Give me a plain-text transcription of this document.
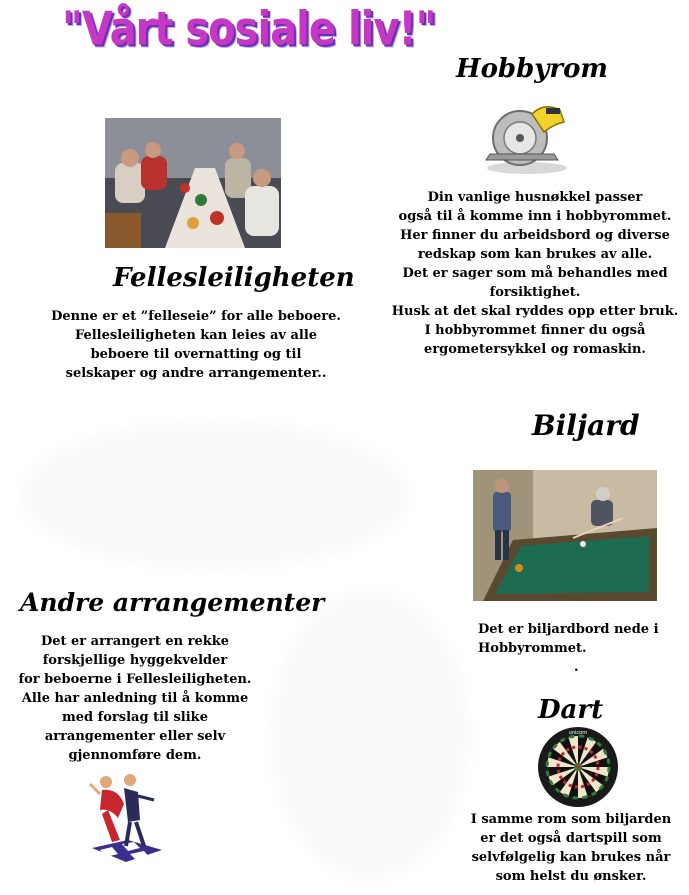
"Vårt sosiale liv!"
Hobbyrom
Din vanlige husnøkkel passer
også til å komme inn i hobbyrommet.
Her finner du arbeidsbord og diverse
redskap som kan brukes av alle.
Det er sager som må behandles med
forsiktighet.
Husk at det skal ryddes opp etter bruk.
I hobbyrommet finner du også
ergometersykkel og romaskin.
Fellesleiligheten
Denne er et ”felleseie” for alle beboere.
Fellesleiligheten kan leies av alle
beboere til overnatting og til
selskaper og andre arrangementer..
Biljard
Det er biljardbord nede i
Hobbyrommet.
.
Andre arrangementer
Det er arrangert en rekke
forskjellige hyggekvelder
for beboerne i Fellesleiligheten.
Alle har anledning til å komme
med forslag til slike
arrangementer eller selv
gjennomføre dem.
Dart
unicorn
I samme rom som biljarden
er det også dartspill som
selvfølgelig kan brukes når
som helst du ønsker.
